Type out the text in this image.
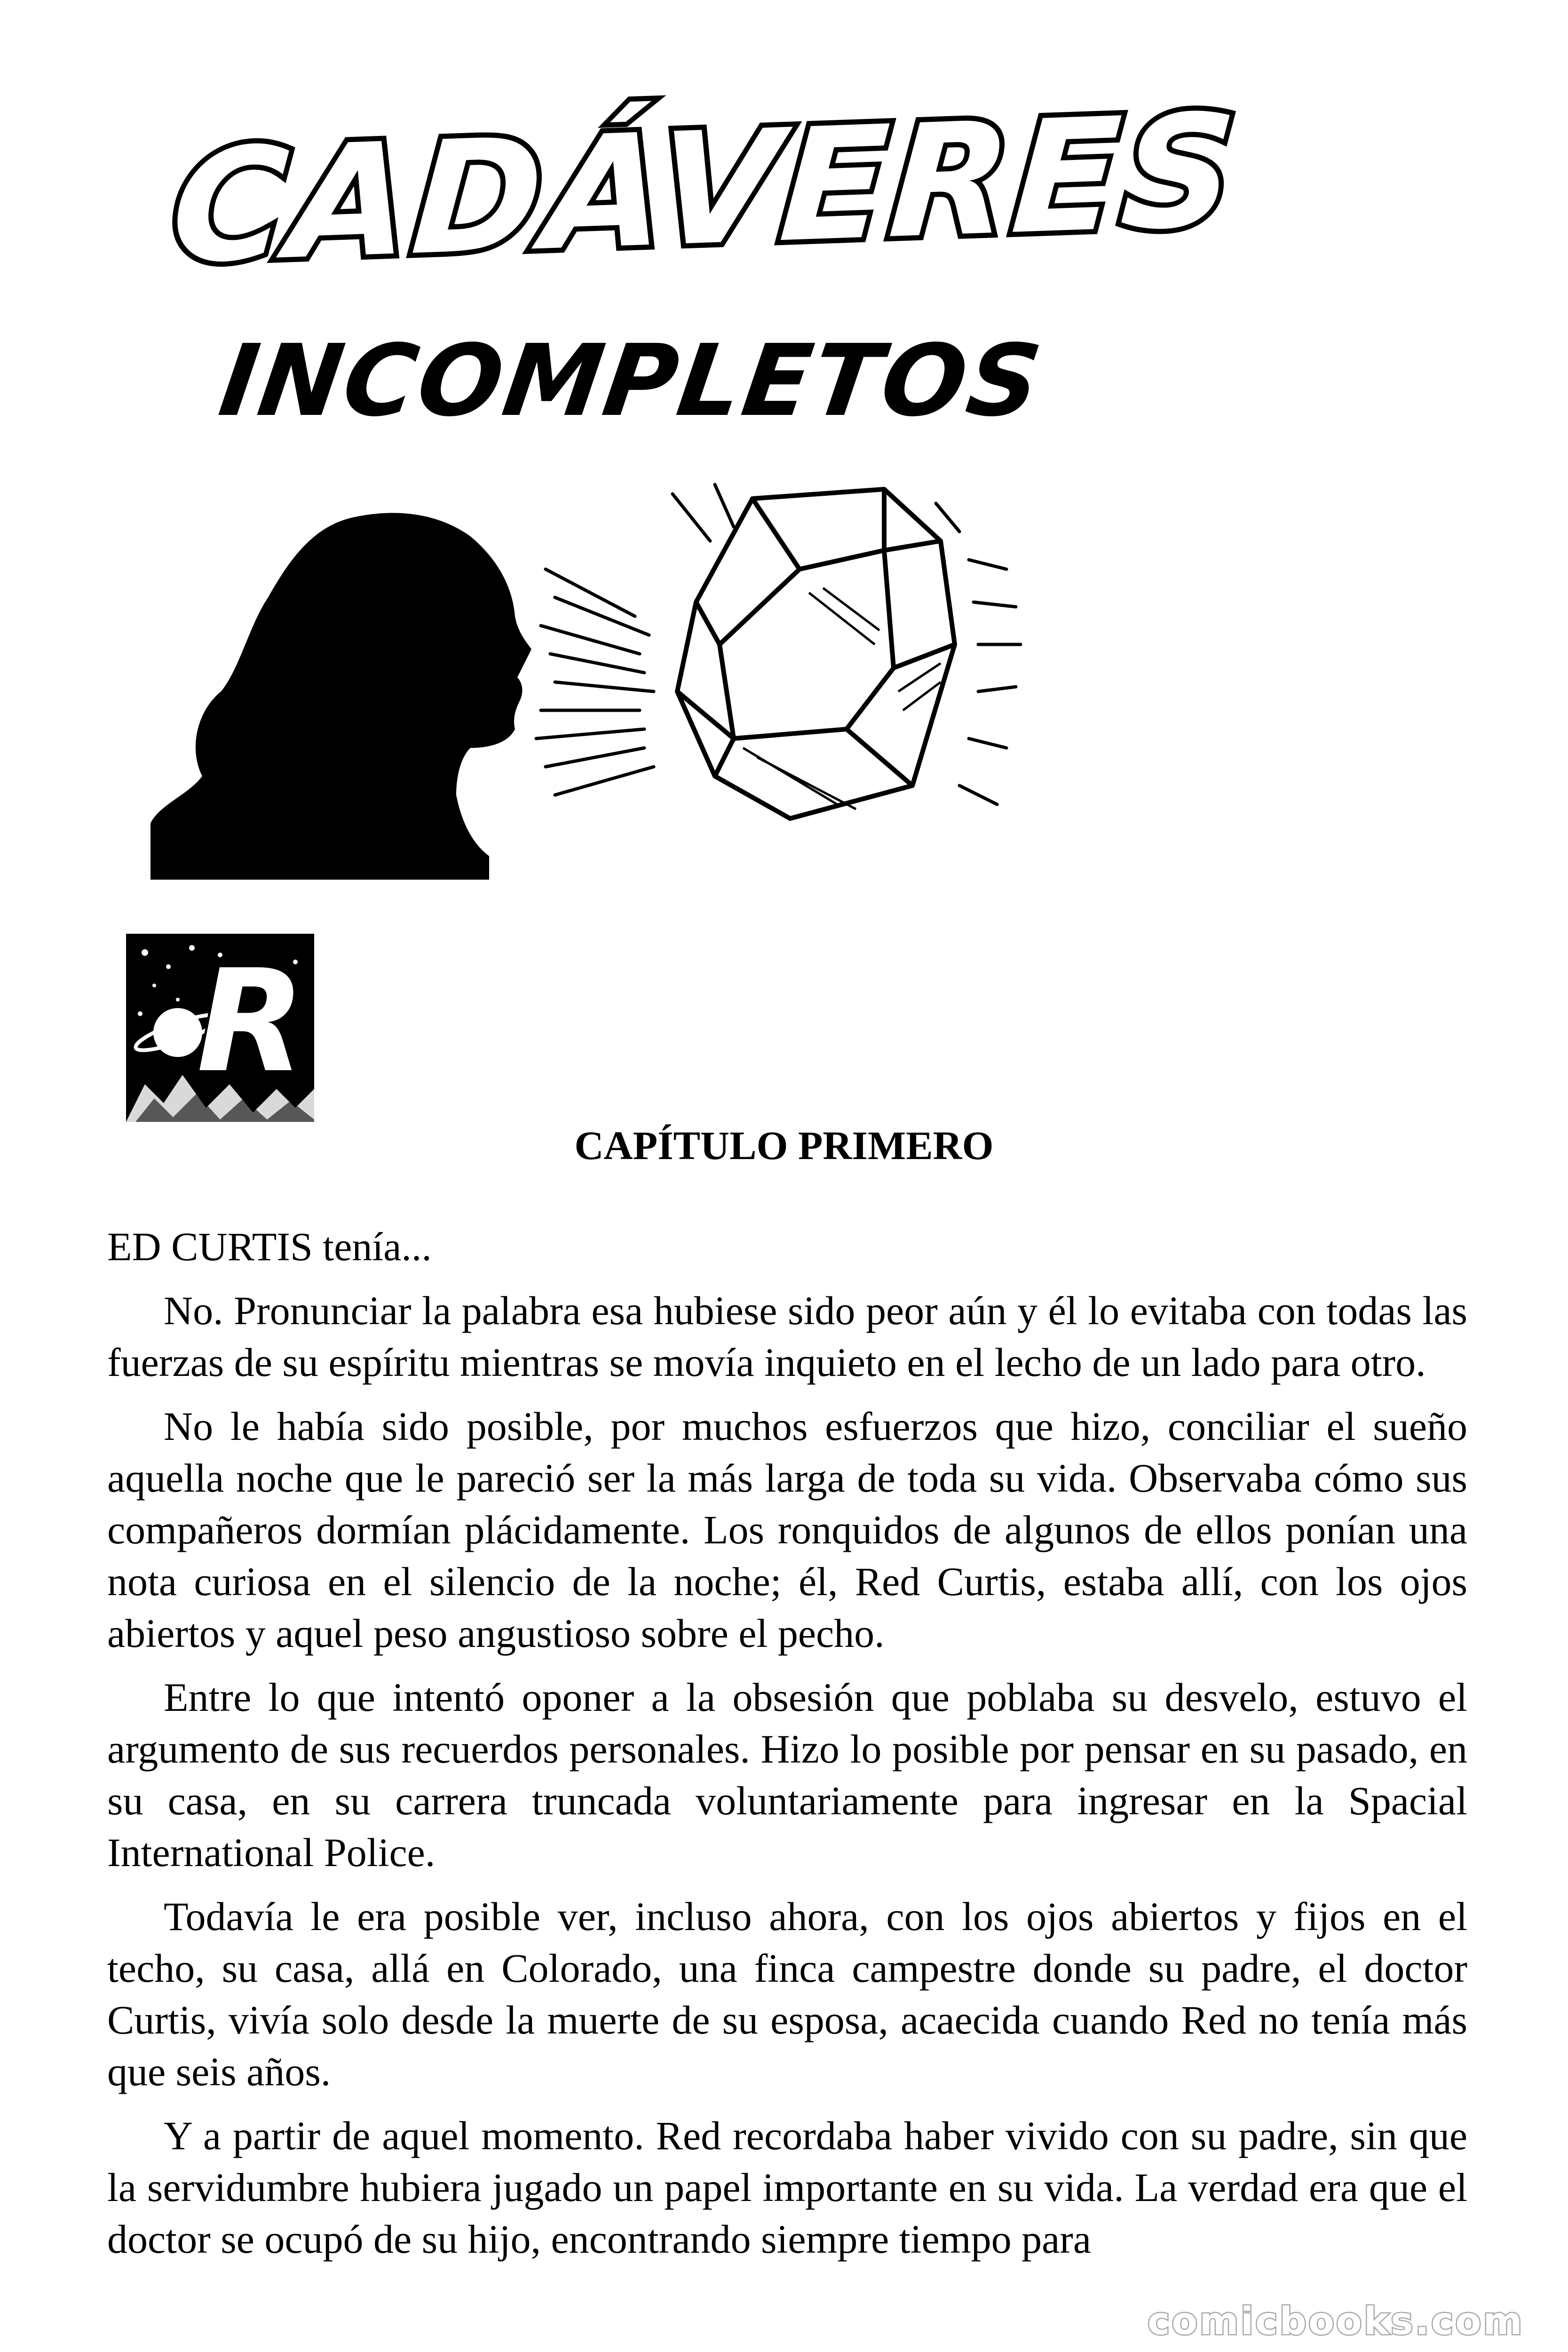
CADÁVERES
INCOMPLETOS
R
CAPÍTULO PRIMERO

ED CURTIS tenía...

No. Pronunciar la palabra esa hubiese sido peor aún y él lo evitaba con todas las fuerzas de su espíritu mientras se movía inquieto en el lecho de un lado para otro.

No le había sido posible, por muchos esfuerzos que hizo, conciliar el sueño aquella noche que le pareció ser la más larga de toda su vida. Observaba cómo sus compañeros dormían plácidamente. Los ronquidos de algunos de ellos ponían una nota curiosa en el silencio de la noche; él, Red Curtis, estaba allí, con los ojos abiertos y aquel peso angustioso sobre el pecho.

Entre lo que intentó oponer a la obsesión que poblaba su desvelo, estuvo el argumento de sus recuerdos personales. Hizo lo posible por pensar en su pasado, en su casa, en su carrera truncada voluntariamente para ingresar en la Spacial International Police.

Todavía le era posible ver, incluso ahora, con los ojos abiertos y fijos en el techo, su casa, allá en Colorado, una finca campestre donde su padre, el doctor Curtis, vivía solo desde la muerte de su esposa, acaecida cuando Red no tenía más que seis años.

Y a partir de aquel momento. Red recordaba haber vivido con su padre, sin que la servidumbre hubiera jugado un papel importante en su vida. La verdad era que el doctor se ocupó de su hijo, encontrando siempre tiempo para

comicbooks.com
